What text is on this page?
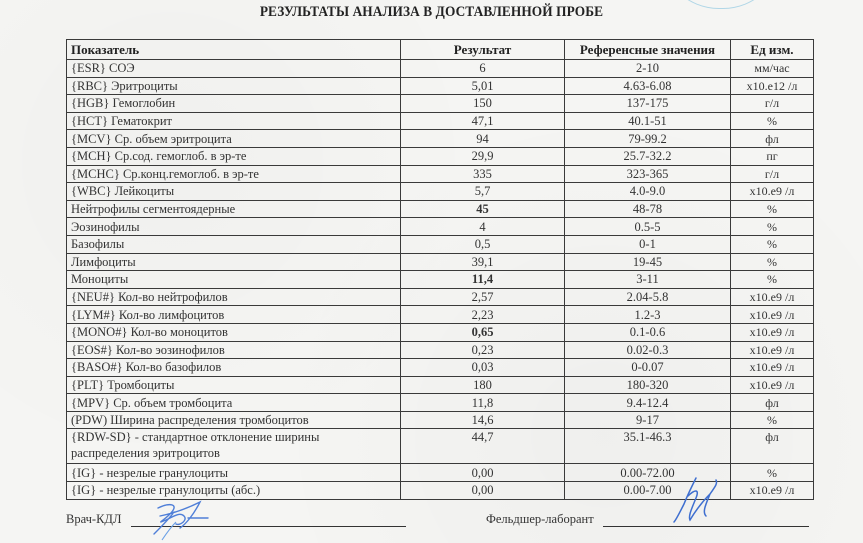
РЕЗУЛЬТАТЫ АНАЛИЗА В ДОСТАВЛЕННОЙ ПРОБЕ
Показатель	Результат	Референсные значения	Ед изм.
{ESR} СОЭ	6	2-10	мм/час
{RBC} Эритроциты	5,01	4.63-6.08	x10.e12 /л
{HGB} Гемоглобин	150	137-175	г/л
{HCT} Гематокрит	47,1	40.1-51	%
{MCV} Ср. объем эритроцита	94	79-99.2	фл
{MCH} Ср.сод. гемоглоб. в эр-те	29,9	25.7-32.2	пг
{MCHC} Ср.конц.гемоглоб. в эр-те	335	323-365	г/л
{WBC} Лейкоциты	5,7	4.0-9.0	x10.e9 /л
Нейтрофилы сегментоядерные	45	48-78	%
Эозинофилы	4	0.5-5	%
Базофилы	0,5	0-1	%
Лимфоциты	39,1	19-45	%
Моноциты	11,4	3-11	%
{NEU#} Кол-во нейтрофилов	2,57	2.04-5.8	x10.e9 /л
{LYM#} Кол-во лимфоцитов	2,23	1.2-3	x10.e9 /л
{MONO#} Кол-во моноцитов	0,65	0.1-0.6	x10.e9 /л
{EOS#} Кол-во эозинофилов	0,23	0.02-0.3	x10.e9 /л
{BASO#} Кол-во базофилов	0,03	0-0.07	x10.e9 /л
{PLT} Тромбоциты	180	180-320	x10.e9 /л
{MPV} Ср. объем тромбоцита	11,8	9.4-12.4	фл
(PDW) Ширина распределения тромбоцитов	14,6	9-17	%
{RDW-SD} - стандартное отклонение ширины распределения эритроцитов	44,7	35.1-46.3	фл
{IG} - незрелые гранулоциты	0,00	0.00-72.00	%
{IG} - незрелые гранулоциты (абс.)	0,00	0.00-7.00	x10.e9 /л
Врач-КДЛ	Фельдшер-лаборант
